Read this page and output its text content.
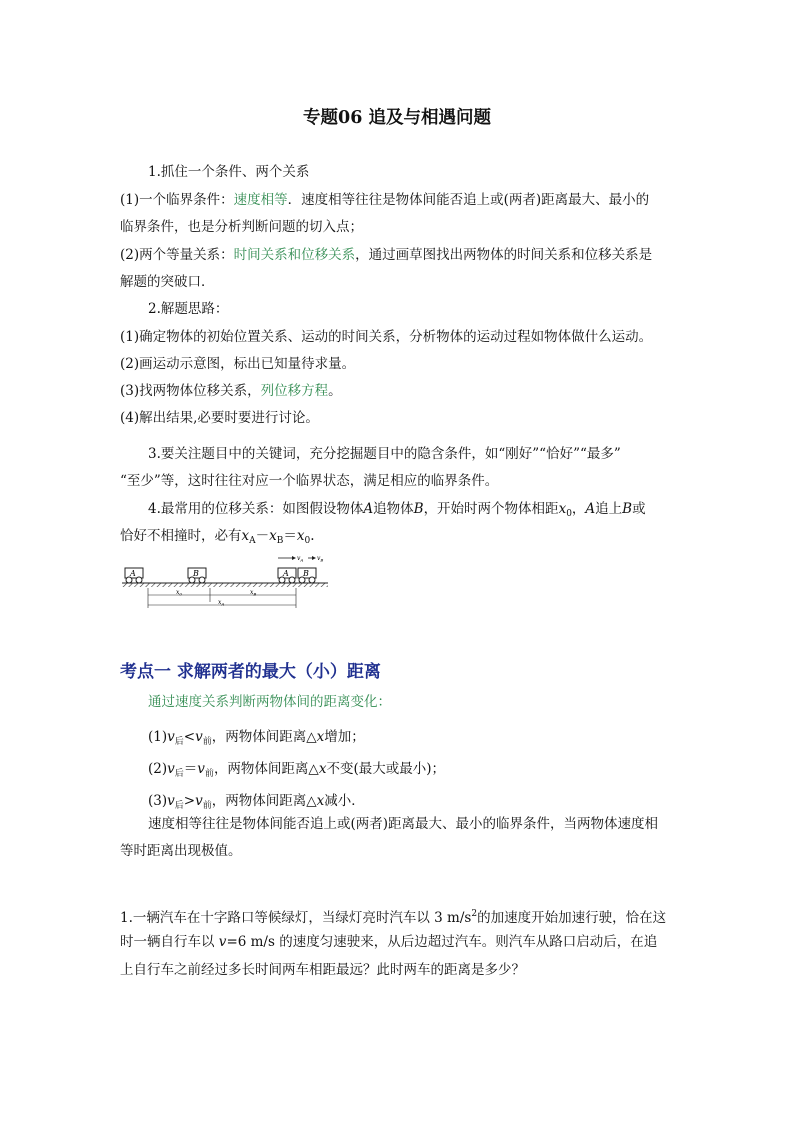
专题06 追及与相遇问题
1.抓住一个条件、两个关系
(1)一个临界条件：速度相等．速度相等往往是物体间能否追上或(两者)距离最大、最小的
临界条件，也是分析判断问题的切入点；
(2)两个等量关系：时间关系和位移关系，通过画草图找出两物体的时间关系和位移关系是
解题的突破口．
2.解题思路：
(1)确定物体的初始位置关系、运动的时间关系，分析物体的运动过程如物体做什么运动。
(2)画运动示意图，标出已知量待求量。
(3)找两物体位移关系，列位移方程。
(4)解出结果,必要时要进行讨论。
3.要关注题目中的关键词，充分挖掘题目中的隐含条件，如“刚好”“恰好”“最多”
“至少”等，这时往往对应一个临界状态，满足相应的临界条件。
4.最常用的位移关系：如图假设物体A追物体B，开始时两个物体相距$x_0$，A追上B或
恰好不相撞时，必有$x_A-x_B=x_0$.
A	B	A B
$v_A$ $v_B$
$x_0$	$x_B$
$x_A$
考点一 求解两者的最大（小）距离
通过速度关系判断两物体间的距离变化：
$(1)v_后<v_前$，两物体间距离△x增加；
$(2)v_后=v_前$，两物体间距离△x不变(最大或最小)；
$(3)v_后>v_前$，两物体间距离△x减小．
速度相等往往是物体间能否追上或(两者)距离最大、最小的临界条件，当两物体速度相
等时距离出现极值。
1.一辆汽车在十字路口等候绿灯，当绿灯亮时汽车以 3 $m/s^2$的加速度开始加速行驶，恰在这
时一辆自行车以 v=6 m/s 的速度匀速驶来，从后边超过汽车。则汽车从路口启动后，在追
上自行车之前经过多长时间两车相距最远？此时两车的距离是多少？
